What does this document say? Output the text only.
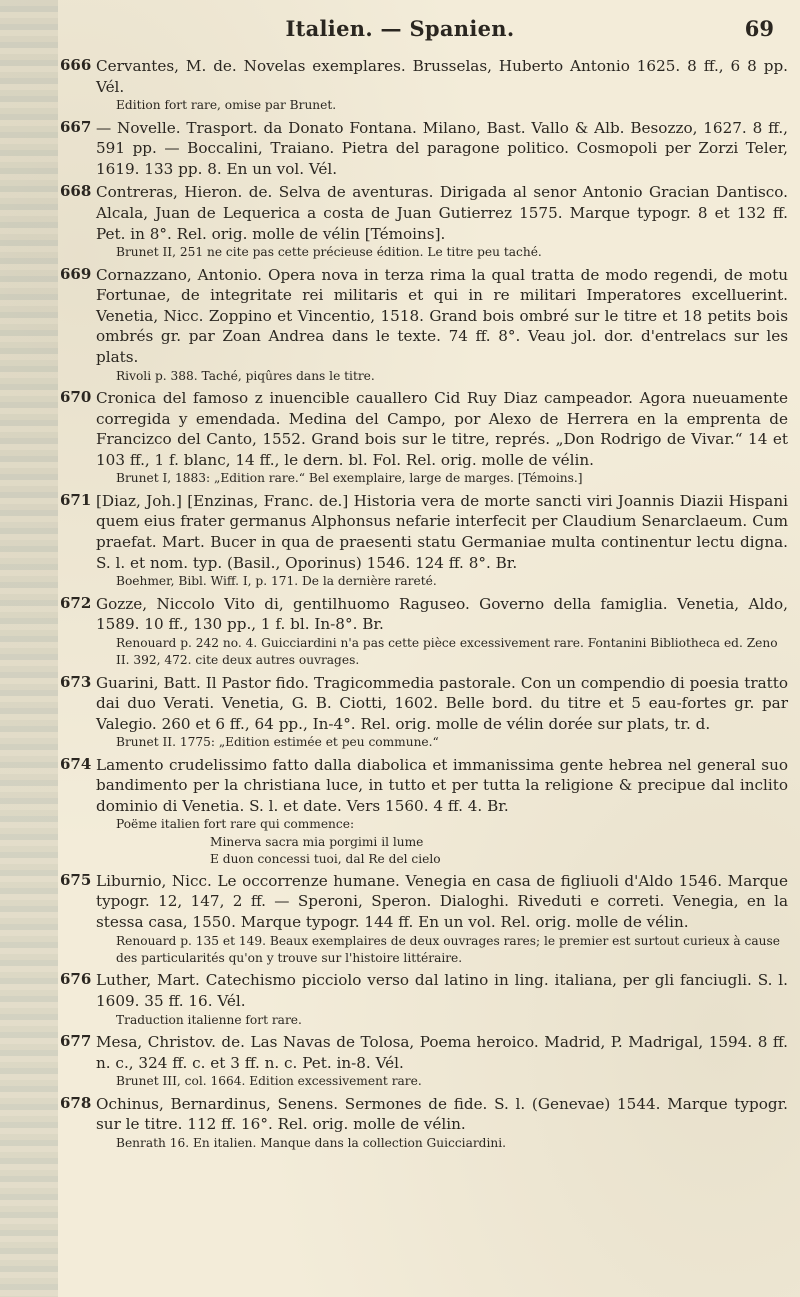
Italien. — Spanien.	69
666 Cervantes, M. de. Novelas exemplares. Brusselas, Huberto Antonio 1625. 8 ff., 6 8 pp. Vél.
Edition fort rare, omise par Brunet.
667 — Novelle. Trasport. da Donato Fontana. Milano, Bast. Vallo & Alb. Besozzo, 1627. 8 ff., 591 pp. — Boccalini, Traiano. Pietra del paragone politico. Cosmopoli per Zorzi Teler, 1619. 133 pp. 8. En un vol. Vél.
668 Contreras, Hieron. de. Selva de aventuras. Dirigada al senor Antonio Gracian Dantisco. Alcala, Juan de Lequerica a costa de Juan Gutierrez 1575. Marque typogr. 8 et 132 ff. Pet. in 8°. Rel. orig. molle de vélin [Témoins].
Brunet II, 251 ne cite pas cette précieuse édition. Le titre peu taché.
669 Cornazzano, Antonio. Opera nova in terza rima la qual tratta de modo regendi, de motu Fortunae, de integritate rei militaris et qui in re militari Imperatores excelluerint. Venetia, Nicc. Zoppino et Vincentio, 1518. Grand bois ombré sur le titre et 18 petits bois ombrés gr. par Zoan Andrea dans le texte. 74 ff. 8°. Veau jol. dor. d'entrelacs sur les plats.
Rivoli p. 388. Taché, piqûres dans le titre.
670 Cronica del famoso z inuencible cauallero Cid Ruy Diaz campeador. Agora nueuamente corregida y emendada. Medina del Campo, por Alexo de Herrera en la emprenta de Francizco del Canto, 1552. Grand bois sur le titre, représ. „Don Rodrigo de Vivar.“ 14 et 103 ff., 1 f. blanc, 14 ff., le dern. bl. Fol. Rel. orig. molle de vélin.
Brunet I, 1883: „Edition rare.“ Bel exemplaire, large de marges. [Témoins.]
671 [Diaz, Joh.] [Enzinas, Franc. de.] Historia vera de morte sancti viri Joannis Diazii Hispani quem eius frater germanus Alphonsus nefarie interfecit per Claudium Senarclaeum. Cum praefat. Mart. Bucer in qua de praesenti statu Germaniae multa continentur lectu digna. S. l. et nom. typ. (Basil., Oporinus) 1546. 124 ff. 8°. Br.
Boehmer, Bibl. Wiff. I, p. 171. De la dernière rareté.
672 Gozze, Niccolo Vito di, gentilhuomo Raguseo. Governo della famiglia. Venetia, Aldo, 1589. 10 ff., 130 pp., 1 f. bl. In-8°. Br.
Renouard p. 242 no. 4. Guicciardini n'a pas cette pièce excessivement rare. Fontanini Bibliotheca ed. Zeno II. 392, 472. cite deux autres ouvrages.
673 Guarini, Batt. Il Pastor fido. Tragicommedia pastorale. Con un compendio di poesia tratto dai duo Verati. Venetia, G. B. Ciotti, 1602. Belle bord. du titre et 5 eau-fortes gr. par Valegio. 260 et 6 ff., 64 pp., In-4°. Rel. orig. molle de vélin dorée sur plats, tr. d.
Brunet II. 1775: „Edition estimée et peu commune.“
674 Lamento crudelissimo fatto dalla diabolica et immanissima gente hebrea nel general suo bandimento per la christiana luce, in tutto et per tutta la religione & precipue dal inclito dominio di Venetia. S. l. et date. Vers 1560. 4 ff. 4. Br.
Poëme italien fort rare qui commence:
Minerva sacra mia porgimi il lume
E duon concessi tuoi, dal Re del cielo
675 Liburnio, Nicc. Le occorrenze humane. Venegia en casa de figliuoli d'Aldo 1546. Marque typogr. 12, 147, 2 ff. — Speroni, Speron. Dialoghi. Riveduti e correti. Venegia, en la stessa casa, 1550. Marque typogr. 144 ff. En un vol. Rel. orig. molle de vélin.
Renouard p. 135 et 149. Beaux exemplaires de deux ouvrages rares; le premier est surtout curieux à cause des particularités qu'on y trouve sur l'histoire littéraire.
676 Luther, Mart. Catechismo picciolo verso dal latino in ling. italiana, per gli fanciugli. S. l. 1609. 35 ff. 16. Vél.
Traduction italienne fort rare.
677 Mesa, Christov. de. Las Navas de Tolosa, Poema heroico. Madrid, P. Madrigal, 1594. 8 ff. n. c., 324 ff. c. et 3 ff. n. c. Pet. in-8. Vél.
Brunet III, col. 1664. Edition excessivement rare.
678 Ochinus, Bernardinus, Senens. Sermones de fide. S. l. (Genevae) 1544. Marque typogr. sur le titre. 112 ff. 16°. Rel. orig. molle de vélin.
Benrath 16. En italien. Manque dans la collection Guicciardini.
